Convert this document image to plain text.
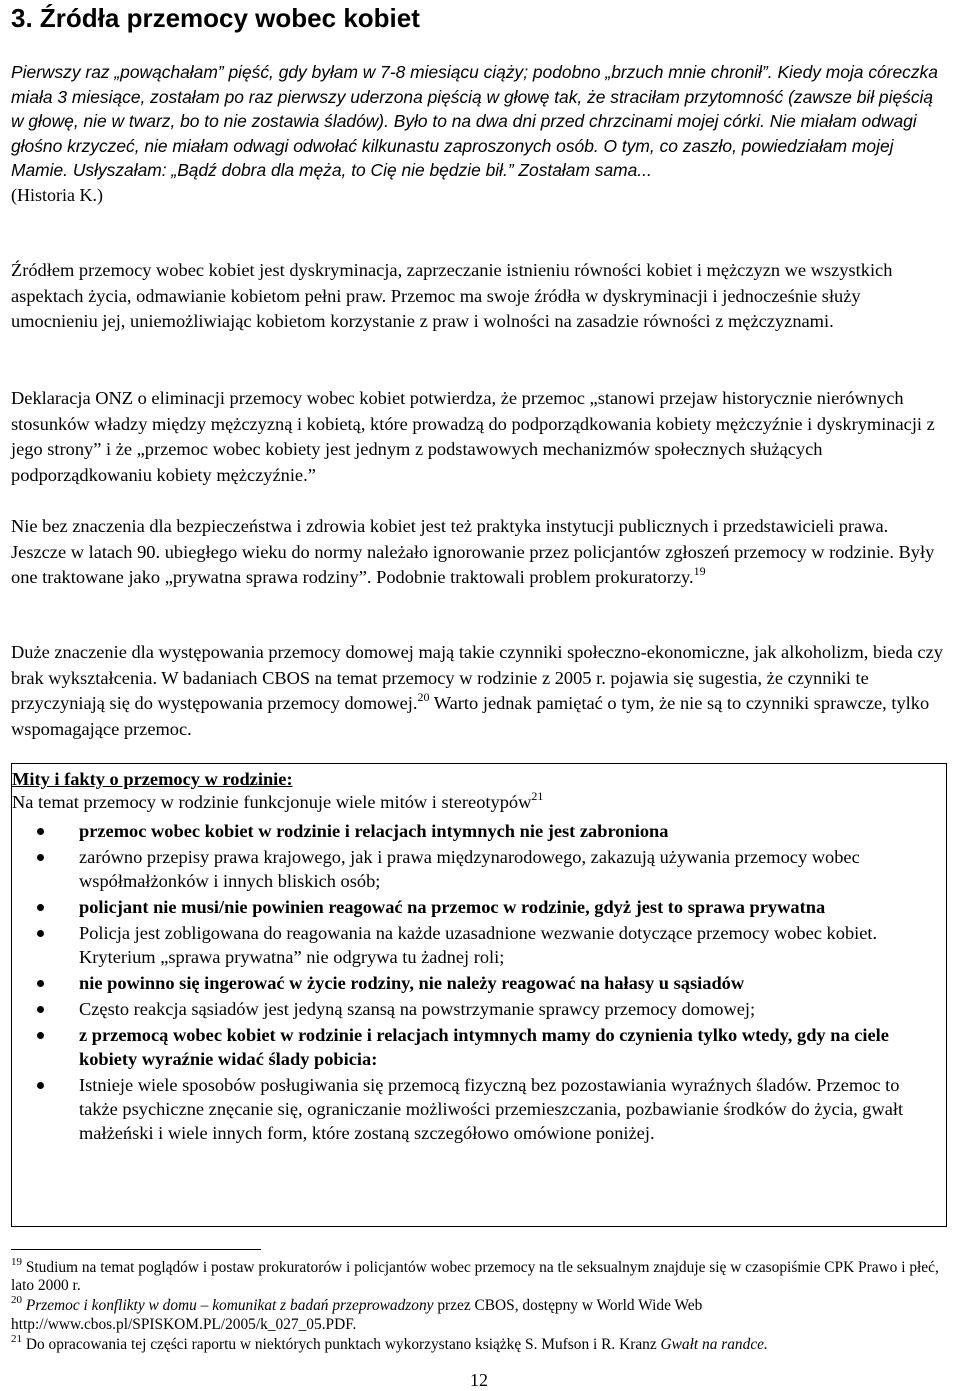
3. Źródła przemocy wobec kobiet
Pierwszy raz „powąchałam” pięść, gdy byłam w 7-8 miesiącu ciąży; podobno „brzuch mnie chronił”. Kiedy moja córeczka miała 3 miesiące, zostałam po raz pierwszy uderzona pięścią w głowę tak, że straciłam przytomność (zawsze bił pięścią w głowę, nie w twarz, bo to nie zostawia śladów). Było to na dwa dni przed chrzcinami mojej córki. Nie miałam odwagi głośno krzyczeć, nie miałam odwagi odwołać kilkunastu zaproszonych osób. O tym, co zaszło, powiedziałam mojej Mamie. Usłyszałam: „Bądź dobra dla męża, to Cię nie będzie bił.” Zostałam sama...
(Historia K.)

Źródłem przemocy wobec kobiet jest dyskryminacja, zaprzeczanie istnieniu równości kobiet i mężczyzn we wszystkich aspektach życia, odmawianie kobietom pełni praw. Przemoc ma swoje źródła w dyskryminacji i jednocześnie służy umocnieniu jej, uniemożliwiając kobietom korzystanie z praw i wolności na zasadzie równości z mężczyznami.

Deklaracja ONZ o eliminacji przemocy wobec kobiet potwierdza, że przemoc „stanowi przejaw historycznie nierównych stosunków władzy między mężczyzną i kobietą, które prowadzą do podporządkowania kobiety mężczyźnie i dyskryminacji z jego strony” i że „przemoc wobec kobiety jest jednym z podstawowych mechanizmów społecznych służących podporządkowaniu kobiety mężczyźnie.”

Nie bez znaczenia dla bezpieczeństwa i zdrowia kobiet jest też praktyka instytucji publicznych i przedstawicieli prawa. Jeszcze w latach 90. ubiegłego wieku do normy należało ignorowanie przez policjantów zgłoszeń przemocy w rodzinie. Były one traktowane jako „prywatna sprawa rodziny”. Podobnie traktowali problem prokuratorzy.$^{19}$

Duże znaczenie dla występowania przemocy domowej mają takie czynniki społeczno-ekonomiczne, jak alkoholizm, bieda czy brak wykształcenia. W badaniach CBOS na temat przemocy w rodzinie z 2005 r. pojawia się sugestia, że czynniki te przyczyniają się do występowania przemocy domowej.$^{20}$ Warto jednak pamiętać o tym, że nie są to czynniki sprawcze, tylko wspomagające przemoc.

Mity i fakty o przemocy w rodzinie:

Na temat przemocy w rodzinie funkcjonuje wiele mitów i stereotypów$^{21}$

przemoc wobec kobiet w rodzinie i relacjach intymnych nie jest zabroniona
zarówno przepisy prawa krajowego, jak i prawa międzynarodowego, zakazują używania przemocy wobec współmałżonków i innych bliskich osób;
policjant nie musi/nie powinien reagować na przemoc w rodzinie, gdyż jest to sprawa prywatna
Policja jest zobligowana do reagowania na każde uzasadnione wezwanie dotyczące przemocy wobec kobiet. Kryterium „sprawa prywatna” nie odgrywa tu żadnej roli;
nie powinno się ingerować w życie rodziny, nie należy reagować na hałasy u sąsiadów
Często reakcja sąsiadów jest jedyną szansą na powstrzymanie sprawcy przemocy domowej;
z przemocą wobec kobiet w rodzinie i relacjach intymnych mamy do czynienia tylko wtedy, gdy na ciele kobiety wyraźnie widać ślady pobicia:
Istnieje wiele sposobów posługiwania się przemocą fizyczną bez pozostawiania wyraźnych śladów. Przemoc to także psychiczne znęcanie się, ograniczanie możliwości przemieszczania, pozbawianie środków do życia, gwałt małżeński i wiele innych form, które zostaną szczegółowo omówione poniżej.

$^{19}$ Studium na temat poglądów i postaw prokuratorów i policjantów wobec przemocy na tle seksualnym znajduje się w czasopiśmie CPK Prawo i płeć, lato 2000 r.

$^{20}$ Przemoc i konflikty w domu – komunikat z badań przeprowadzony przez CBOS, dostępny w World Wide Web http://www.cbos.pl/SPISKOM.PL/2005/k_027_05.PDF.

$^{21}$ Do opracowania tej części raportu w niektórych punktach wykorzystano książkę S. Mufson i R. Kranz Gwałt na randce.

12
